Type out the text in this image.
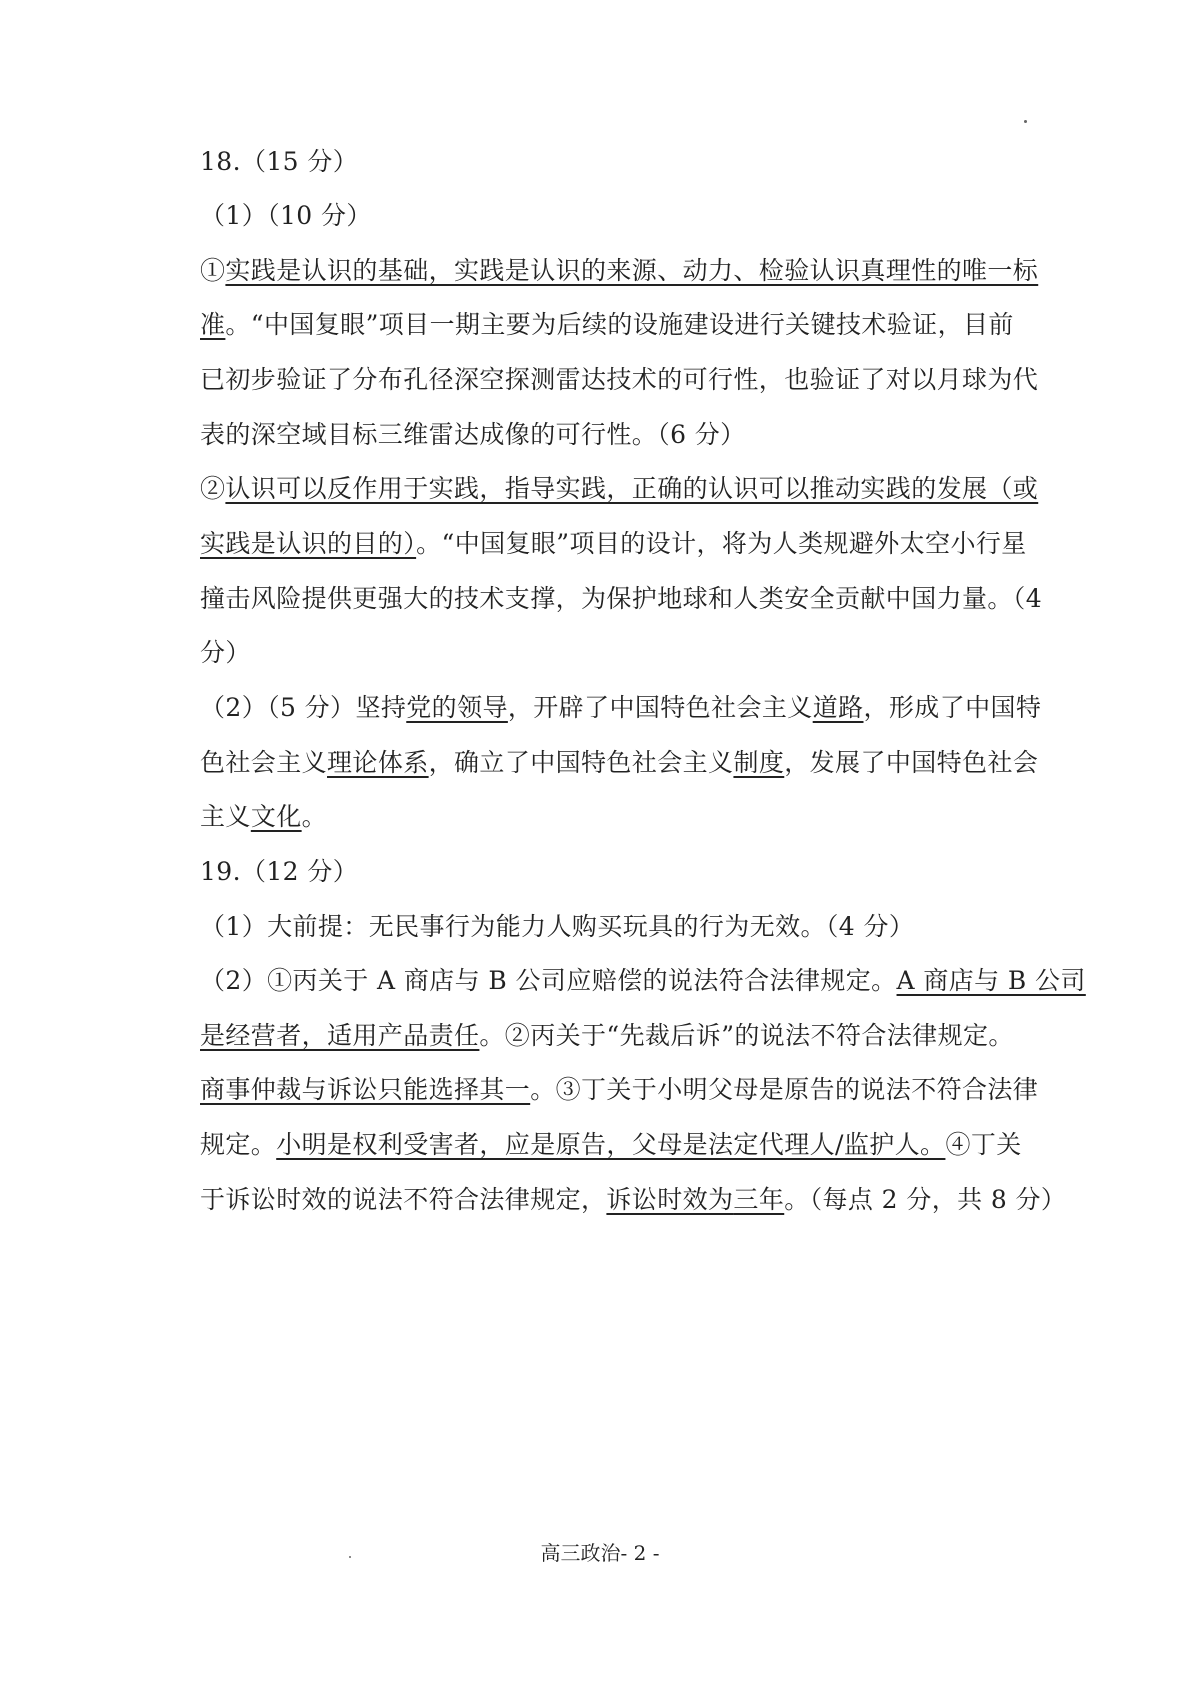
18.（15 分）
（1）（10 分）
①实践是认识的基础，实践是认识的来源、动力、检验认识真理性的唯一标
准。“中国复眼”项目一期主要为后续的设施建设进行关键技术验证，目前
已初步验证了分布孔径深空探测雷达技术的可行性，也验证了对以月球为代
表的深空域目标三维雷达成像的可行性。（6 分）
②认识可以反作用于实践，指导实践，正确的认识可以推动实践的发展（或
实践是认识的目的）。“中国复眼”项目的设计，将为人类规避外太空小行星
撞击风险提供更强大的技术支撑，为保护地球和人类安全贡献中国力量。（4
分）
（2）（5 分）坚持党的领导，开辟了中国特色社会主义道路，形成了中国特
色社会主义理论体系，确立了中国特色社会主义制度，发展了中国特色社会
主义文化。
19.（12 分）
（1）大前提：无民事行为能力人购买玩具的行为无效。（4 分）
（2）①丙关于 A 商店与 B 公司应赔偿的说法符合法律规定。A 商店与 B 公司
是经营者，适用产品责任。②丙关于“先裁后诉”的说法不符合法律规定。
商事仲裁与诉讼只能选择其一。③丁关于小明父母是原告的说法不符合法律
规定。小明是权利受害者，应是原告，父母是法定代理人/监护人。④丁关
于诉讼时效的说法不符合法律规定，诉讼时效为三年。（每点 2 分，共 8 分）
高三政治- 2 -
